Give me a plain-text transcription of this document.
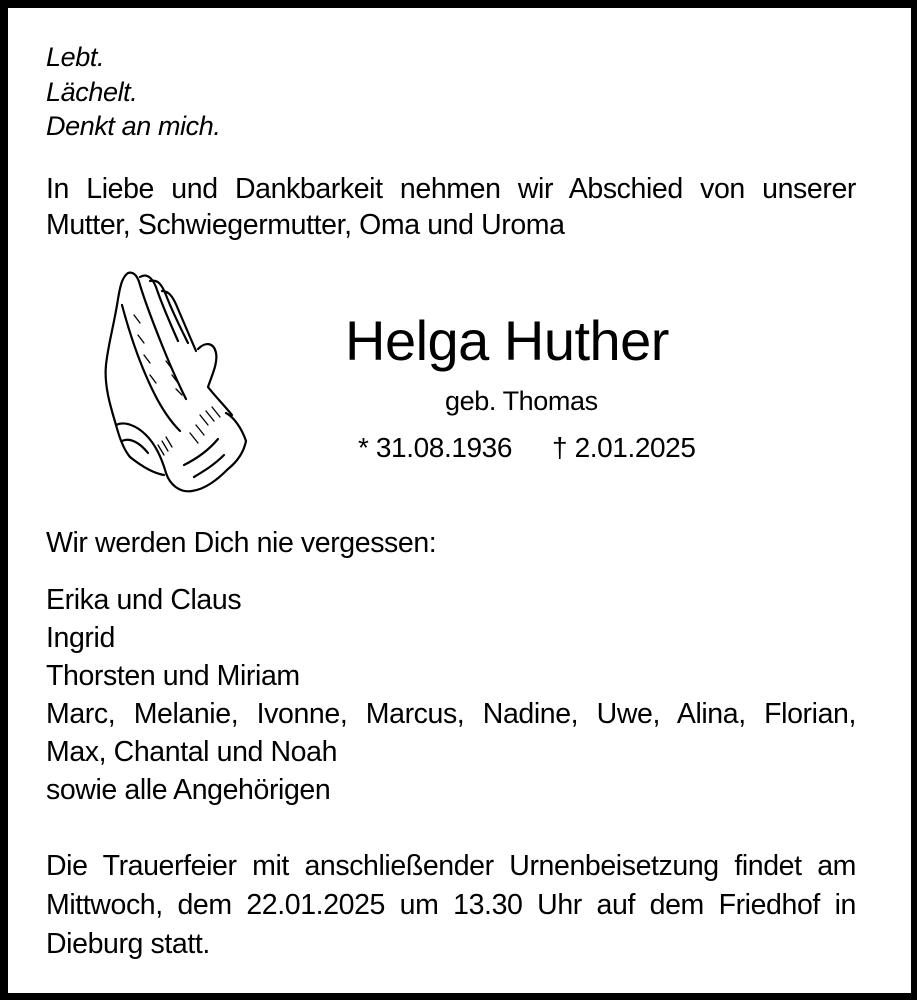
Lebt.
Lächelt.
Denkt an mich.
In Liebe und Dankbarkeit nehmen wir Abschied von unserer
Mutter, Schwiegermutter, Oma und Uroma
Helga Huther
geb. Thomas
* 31.08.1936 † 2.01.2025
Wir werden Dich nie vergessen:
Erika und Claus
Ingrid
Thorsten und Miriam
Marc, Melanie, Ivonne, Marcus, Nadine, Uwe, Alina, Florian,
Max, Chantal und Noah
sowie alle Angehörigen
Die Trauerfeier mit anschließender Urnenbeisetzung findet am
Mittwoch, dem 22.01.2025 um 13.30 Uhr auf dem Friedhof in
Dieburg statt.
